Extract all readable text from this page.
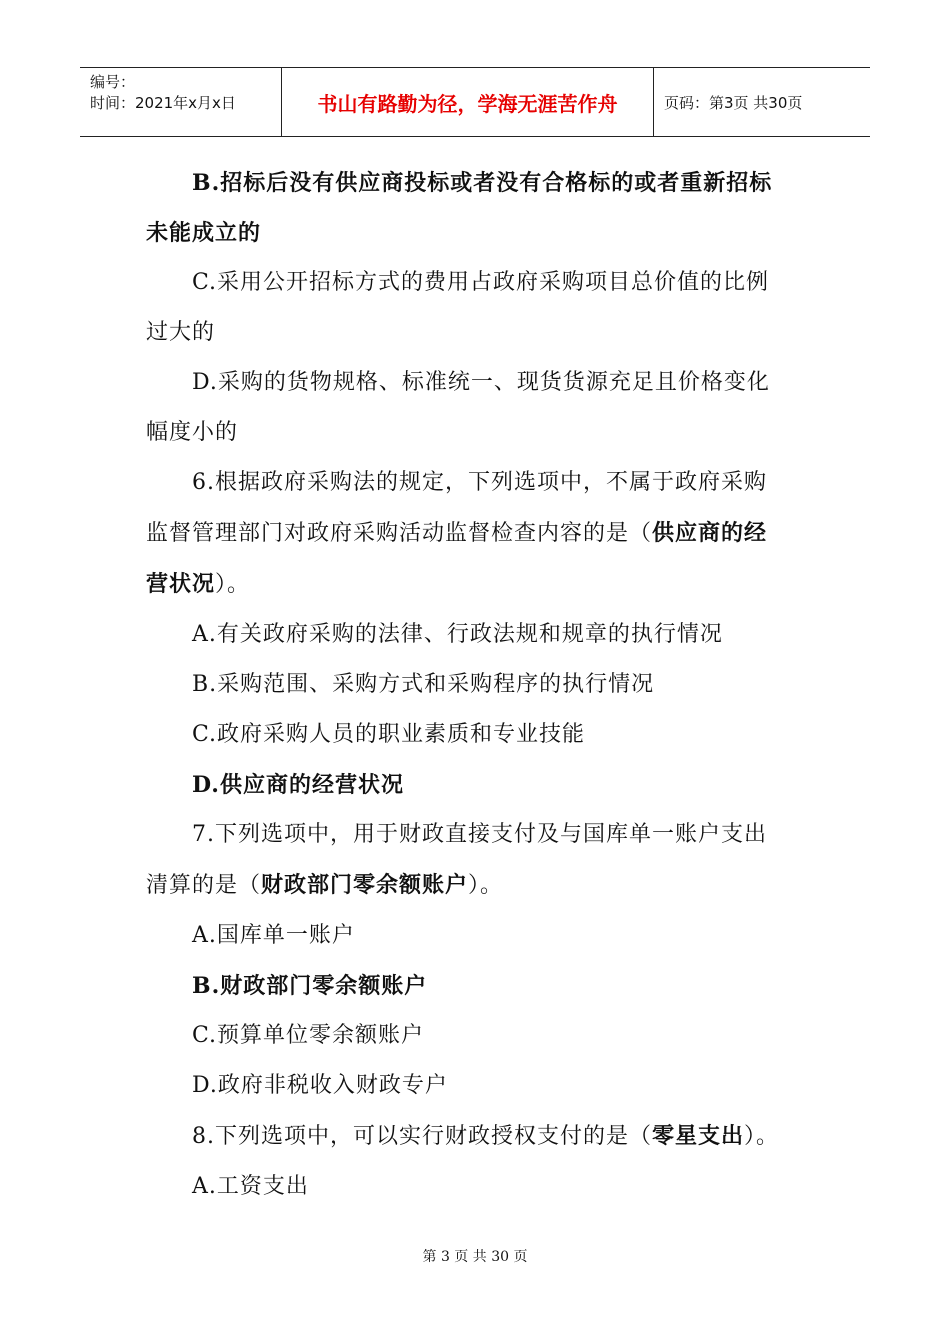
编号：
时间：2021年x月x日	书山有路勤为径，学海无涯苦作舟	页码：第3页 共30页

B.招标后没有供应商投标或者没有合格标的或者重新招标

未能成立的

C.采用公开招标方式的费用占政府采购项目总价值的比例

过大的

D.采购的货物规格、标准统一、现货货源充足且价格变化

幅度小的

6.根据政府采购法的规定，下列选项中，不属于政府采购

监督管理部门对政府采购活动监督检查内容的是（供应商的经

营状况）。

A.有关政府采购的法律、行政法规和规章的执行情况

B.采购范围、采购方式和采购程序的执行情况

C.政府采购人员的职业素质和专业技能

D.供应商的经营状况

7.下列选项中，用于财政直接支付及与国库单一账户支出

清算的是（财政部门零余额账户）。

A.国库单一账户

B.财政部门零余额账户

C.预算单位零余额账户

D.政府非税收入财政专户

8.下列选项中，可以实行财政授权支付的是（零星支出）。

A.工资支出

第 3 页 共 30 页
